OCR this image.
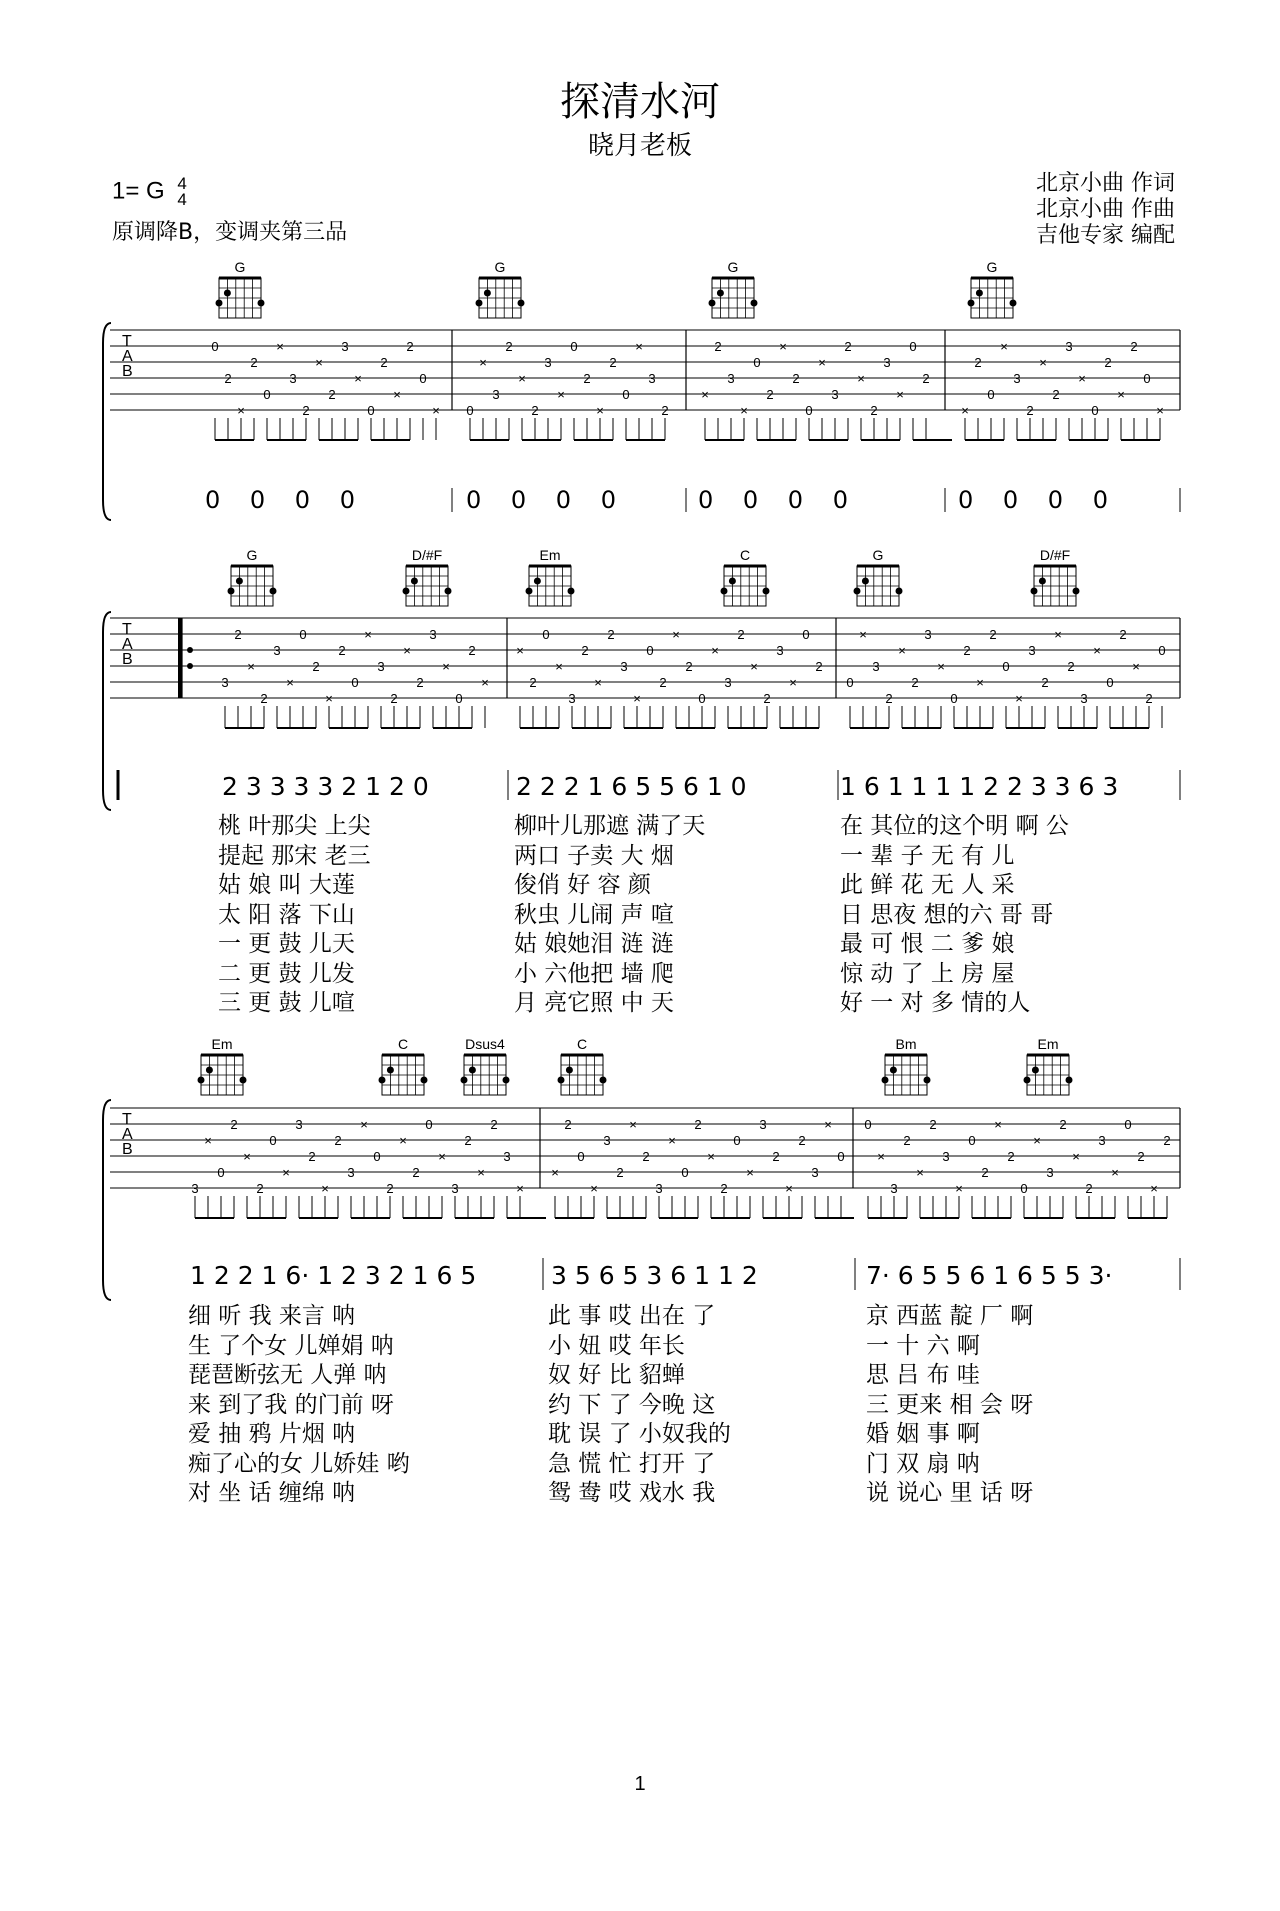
探清水河
晓月老板
1= G 4
4
原调降B，变调夹第三品
北京小曲 作词
北京小曲 作曲
吉他专家 编配
T
A
B
G	G	G	G
0
2
×
2
0
×
3
2
×
2
3
×
0
2
×
2
0
× 0
×
3
2
×
2
3
×
0
2
×
2
0
×
3
2
×
2
3
×
0
2
×
2
0
×
3
2
×
2
3
×
0
2
×
2
0
×
3
2
×
2
3
×
0
2
×
2
0
×
T
A
B
G	D/#F	Em	C	G	D/#F
3
2
×
2
3
×
0
2
×
2
0
×
3
2
×
2
3
×
0
2
×
×
2
0
×
3
2
×
2
3
×
0
2
×
2
0
×
3
2
×
2
3
×
0
2
0
×
3
2
×
2
3
×
0
2
×
2
0
×
3
2
×
2
3
×
0
2
×
2
0
T
A
B
Em	C	Dsus4	C	Bm	Em
3
×
0
2
×
2
0
×
3
2
×
2
3
×
0
2
×
2
0
×
3
2
×
2
3
×
×
2
0
×
3
2
×
2
3
×
0
2
×
2
0
×
3
2
×
2
3
×
0
0
×
3
2
×
2
3
×
0
2
×
2
0
×
3
2
×
2
3
×
0
2
×
2
0 0 0 0	0 0 0 0	0 0 0 0	0 0 0 0
2 3 3 3 3 2 1 2 0	2 2 2 1 6 5 5 6 1 0	1 6 1 1 1 1 2 2 3 3 6 3
桃 叶那尖 上尖	柳叶儿那遮 满了天	在 其位的这个明 啊 公
提起 那宋 老三	两口 子卖 大 烟	一 辈 子 无 有 儿
姑 娘 叫 大莲	俊俏 好 容 颜	此 鲜 花 无 人 采
太 阳 落 下山	秋虫 儿闹 声 喧	日 思夜 想的六 哥 哥
一 更 鼓 儿天	姑 娘她泪 涟 涟	最 可 恨 二 爹 娘
二 更 鼓 儿发	小 六他把 墙 爬	惊 动 了 上 房 屋
三 更 鼓 儿喧	月 亮它照 中 天	好 一 对 多 情的人
1 2 2 1 6· 1 2 3 2 1 6 5	3 5 6 5 3 6 1 1 2	7· 6 5 5 6 1 6 5 5 3·
细 听 我 来言 呐	此 事 哎 出在 了	京 西蓝 靛 厂 啊
生 了个女 儿婵娟 呐	小 妞 哎 年长	一 十 六 啊
琵琶断弦无 人弹 呐	奴 好 比 貂蝉	思 吕 布 哇
来 到了我 的门前 呀	约 下 了 今晚 这	三 更来 相 会 呀
爱 抽 鸦 片烟 呐	耽 误 了 小奴我的	婚 姻 事 啊
痴了心的女 儿娇娃 哟	急 慌 忙 打开 了	门 双 扇 呐
对 坐 话 缠绵 呐	鸳 鸯 哎 戏水 我	说 说心 里 话 呀
1
